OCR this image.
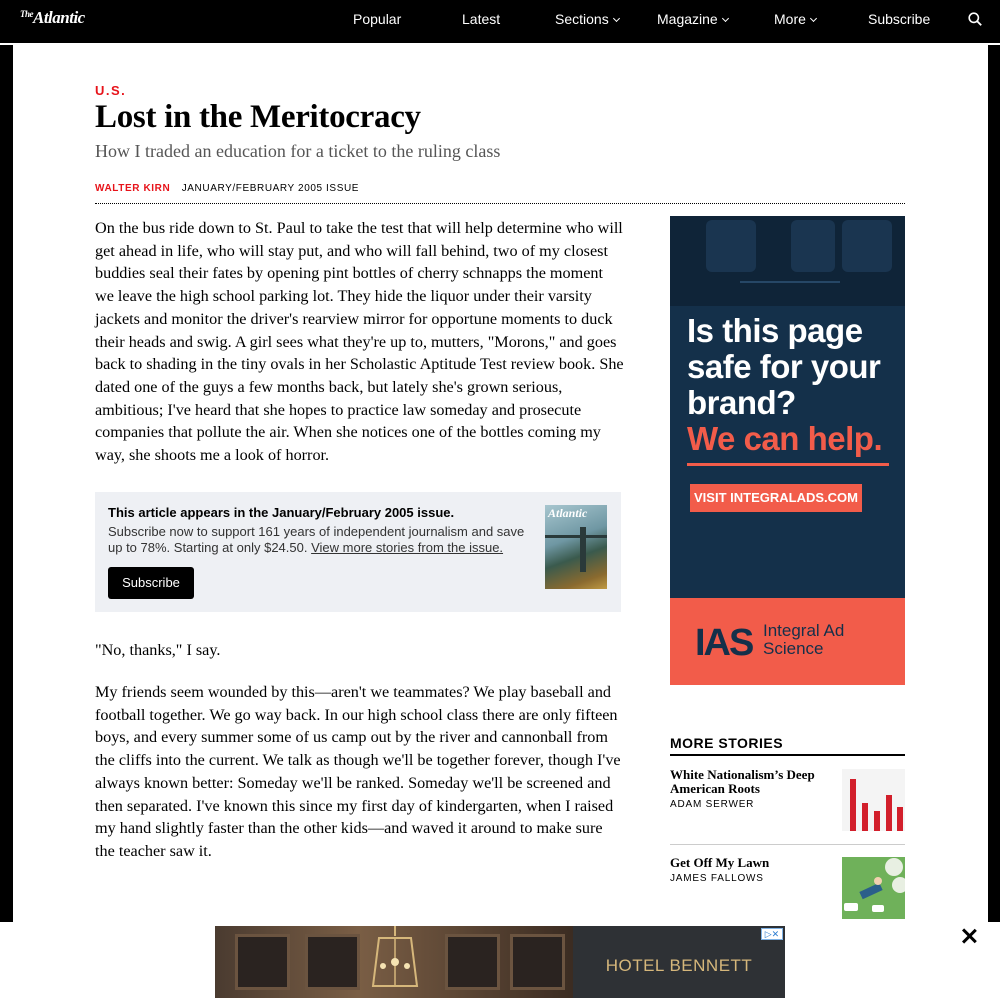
$^{The}$Atlantic	Popular	Latest	Sections	Magazine	More	Subscribe
U.S.
Lost in the Meritocracy
How I traded an education for a ticket to the ruling class
WALTER KIRN JANUARY/FEBRUARY 2005 ISSUE

On the bus ride down to St. Paul to take the test that will help determine who will get ahead in life, who will stay put, and who will fall behind, two of my closest buddies seal their fates by opening pint bottles of cherry schnapps the moment we leave the high school parking lot. They hide the liquor under their varsity jackets and monitor the driver's rearview mirror for opportune moments to duck their heads and swig. A girl sees what they're up to, mutters, "Morons," and goes back to shading in the tiny ovals in her Scholastic Aptitude Test review book. She dated one of the guys a few months back, but lately she's grown serious, ambitious; I've heard that she hopes to practice law someday and prosecute companies that pollute the air. When she notices one of the bottles coming my way, she shoots me a look of horror.

This article appears in the January/February 2005 issue.
Subscribe now to support 161 years of independent journalism and save up to 78%. Starting at only $24.50. View more stories from the issue.
Subscribe
Atlantic

"No, thanks," I say.

My friends seem wounded by this—aren't we teammates? We play baseball and football together. We go way back. In our high school class there are only fifteen boys, and every summer some of us camp out by the river and cannonball from the cliffs into the current. We talk as though we'll be together forever, though I've always known better: Someday we'll be ranked. Someday we'll be screened and then separated. I've known this since my first day of kindergarten, when I raised my hand slightly faster than the other kids—and waved it around to make sure the teacher saw it.

Is this page safe for your brand?
We can help.
VISIT INTEGRALADS.COM
IAS Integral Ad Science
MORE STORIES
White Nationalism’s Deep American Roots
ADAM SERWER
Get Off My Lawn
JAMES FALLOWS
HOTEL BENNETT
▷✕
